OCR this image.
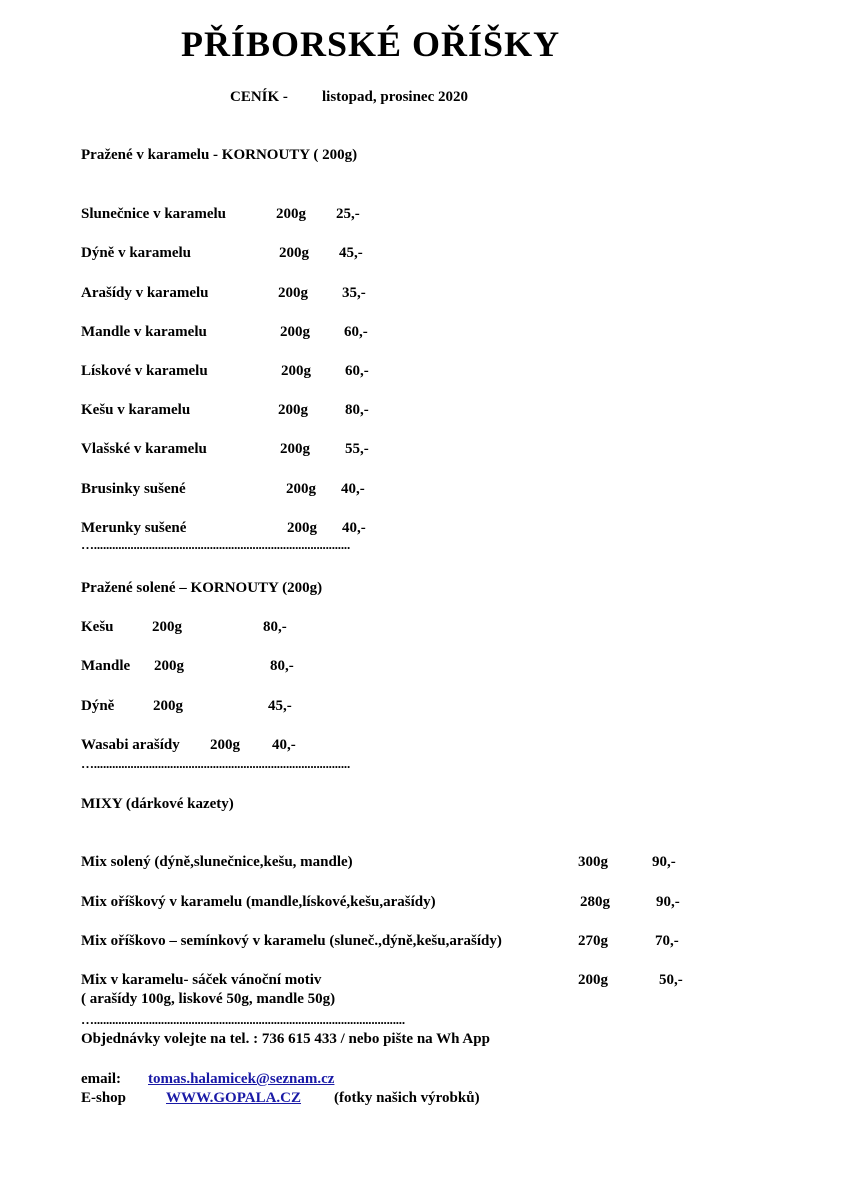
PŘÍBORSKÉ OŘÍŠKY
CENÍK - listopad, prosinec 2020
Pražené v karamelu - KORNOUTY ( 200g)
Slunečnice v karamelu	200g 25,-
Dýně v karamelu	200g 45,-
Arašídy v karamelu	200g 35,-
Mandle v karamelu	200g 60,-
Lískové v karamelu	200g 60,-
Kešu v karamelu	200g 80,-
Vlašské v karamelu	200g 55,-
Brusinky sušené	200g 40,-
Merunky sušené	200g 40,-
…....................................................................................
Pražené solené – KORNOUTY (200g)
Kešu	200g	80,-
Mandle 200g	80,-
Dýně	200g	45,-
Wasabi arašídy 200g 40,-
…....................................................................................
MIXY (dárkové kazety)
Mix solený (dýně,slunečnice,kešu, mandle)	300g	90,-
Mix oříškový v karamelu (mandle,lískové,kešu,arašídy)	280g	90,-
Mix oříškovo – semínkový v karamelu (sluneč.,dýně,kešu,arašídy)	270g	70,-
Mix v karamelu- sáček vánoční motiv	200g	50,-
( arašídy 100g, liskové 50g, mandle 50g)
…......................................................................................................
Objednávky volejte na tel. : 736 615 433 / nebo pište na Wh App
email: tomas.halamicek@seznam.cz
E-shop	WWW.GOPALA.CZ (fotky našich výrobků)
